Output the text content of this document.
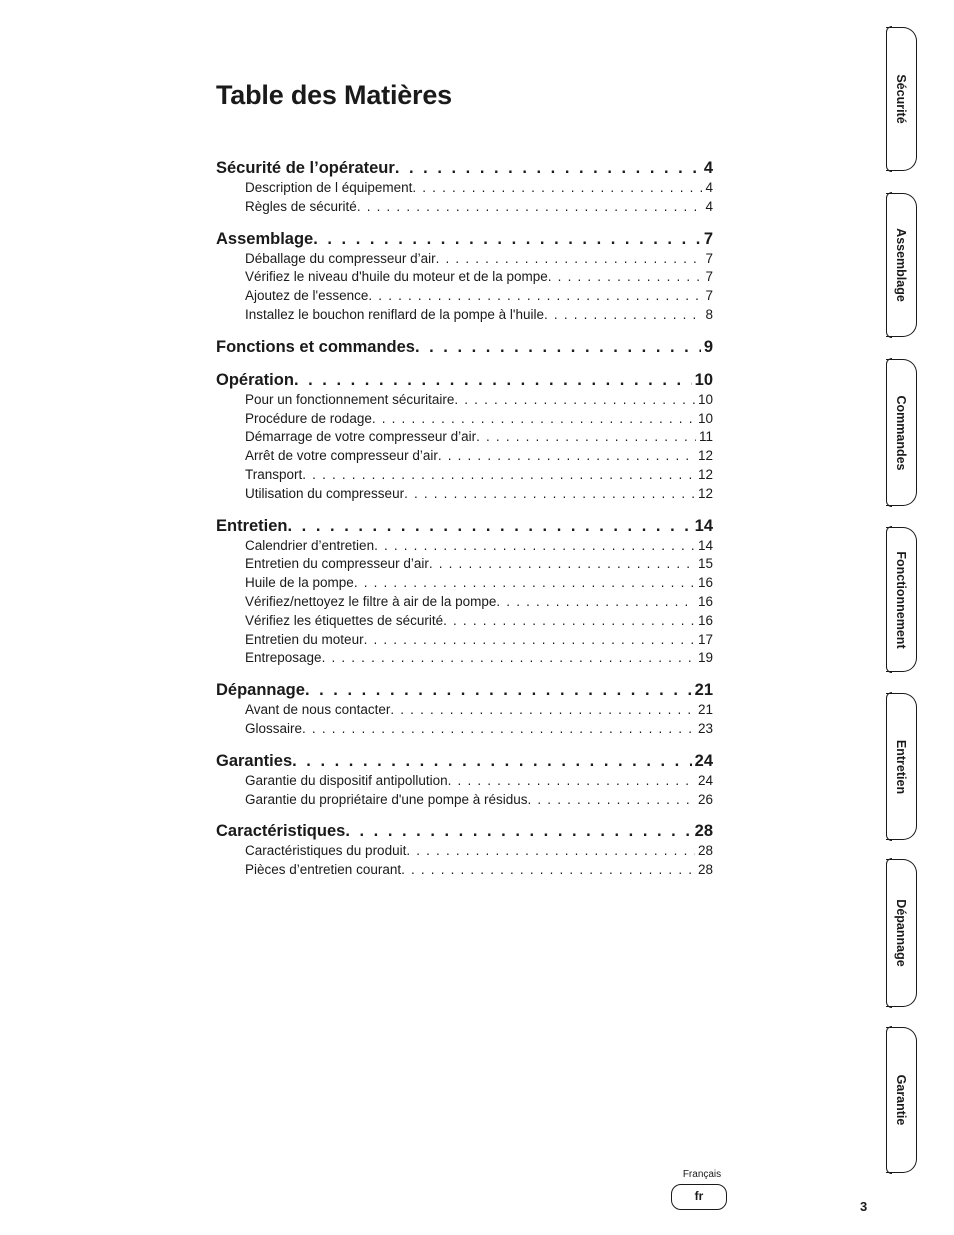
Table des Matières
Sécurité de l’opérateur . . .	4
Description de l équipement . . .	4
Règles de sécurité . . .	4
Assemblage . . .	7
Déballage du compresseur d’air . . .	7
Vérifiez le niveau d'huile du moteur et de la pompe . . .	7
Ajoutez de l'essence . . .	7
Installez le bouchon reniflard de la pompe à l'huile . . .	8
Fonctions et commandes . . .	9
Opération . . .	10
Pour un fonctionnement sécuritaire . . .	10
Procédure de rodage . . .	10
Démarrage de votre compresseur d’air . . .	11
Arrêt de votre compresseur d’air . . .	12
Transport . . .	12
Utilisation du compresseur . . .	12
Entretien . . .	14
Calendrier d’entretien . . .	14
Entretien du compresseur d’air . . .	15
Huile de la pompe . . .	16
Vérifiez/nettoyez le filtre à air de la pompe . . .	16
Vérifiez les étiquettes de sécurité . . .	16
Entretien du moteur . . .	17
Entreposage . . .	19
Dépannage . . .	21
Avant de nous contacter . . .	21
Glossaire . . .	23
Garanties . . .	24
Garantie du dispositif antipollution . . .	24
Garantie du propriétaire d'une pompe à résidus . . .	26
Caractéristiques . . .	28
Caractéristiques du produit . . .	28
Pièces d’entretien courant . . .	28
Sécurité
Assemblage
Commandes
Fonctionnement
Entretien
Dépannage
Garantie
Français
fr
3
